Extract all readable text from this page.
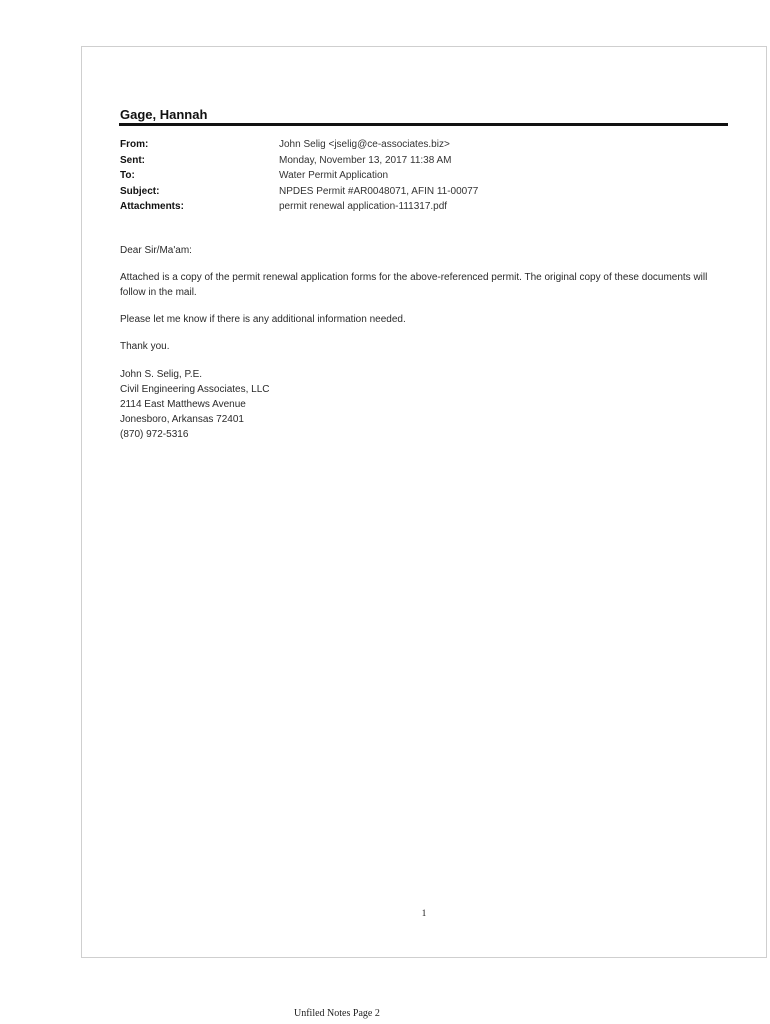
Gage, Hannah
From:	John Selig <jselig@ce-associates.biz>
Sent:	Monday, November 13, 2017 11:38 AM
To:	Water Permit Application
Subject:	NPDES Permit #AR0048071, AFIN 11-00077
Attachments:	permit renewal application-111317.pdf

Dear Sir/Ma'am:

Attached is a copy of the permit renewal application forms for the above-referenced permit. The original copy of these documents will follow in the mail.

Please let me know if there is any additional information needed.

Thank you.

John S. Selig, P.E.
Civil Engineering Associates, LLC
2114 East Matthews Avenue
Jonesboro, Arkansas 72401
(870) 972-5316
1
Unfiled Notes Page 2
